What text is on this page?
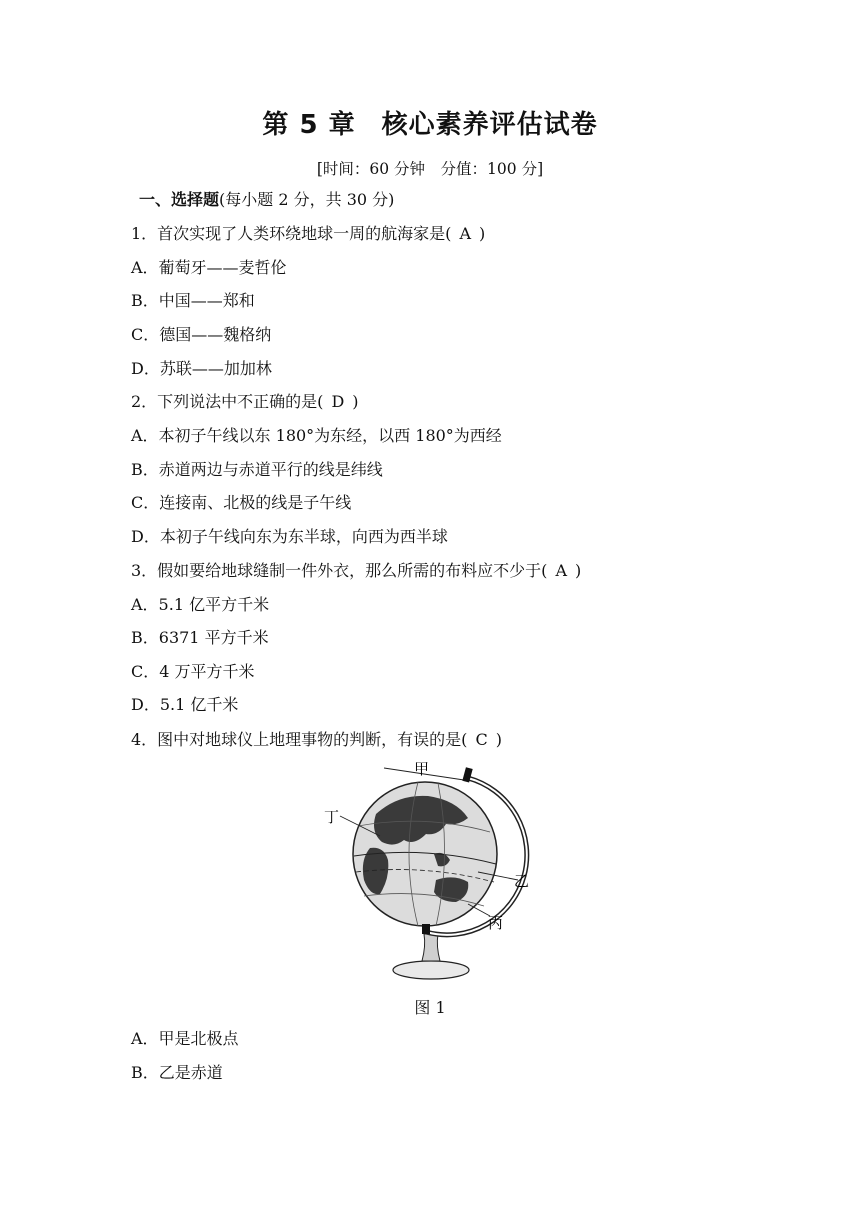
第 5 章 核心素养评估试卷
[时间：60 分钟　分值：100 分]
一、选择题(每小题 2 分，共 30 分)
1．首次实现了人类环绕地球一周的航海家是( A )
A．葡萄牙——麦哲伦
B．中国——郑和
C．德国——魏格纳
D．苏联——加加林
2．下列说法中不正确的是( D )
A．本初子午线以东 180°为东经，以西 180°为西经
B．赤道两边与赤道平行的线是纬线
C．连接南、北极的线是子午线
D．本初子午线向东为东半球，向西为西半球
3．假如要给地球缝制一件外衣，那么所需的布料应不少于( A )
A．5.1 亿平方千米
B．6371 平方千米
C．4 万平方千米
D．5.1 亿千米
4．图中对地球仪上地理事物的判断，有误的是( C )
甲
丁
乙
丙
图 1
A．甲是北极点
B．乙是赤道
